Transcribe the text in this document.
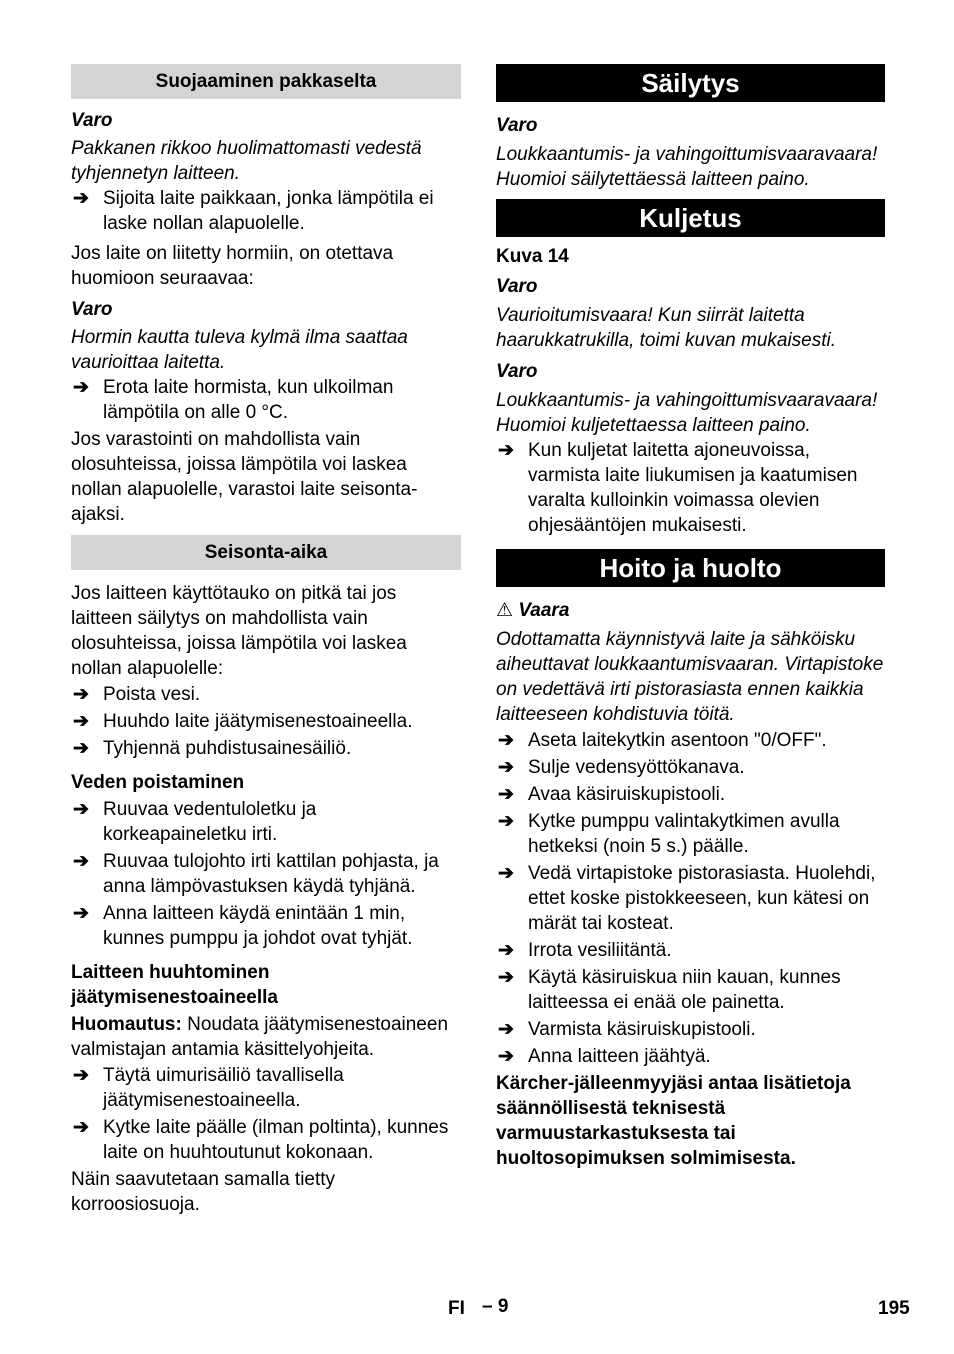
Suojaaminen pakkaselta

Varo

Pakkanen rikkoo huolimattomasti vedestä tyhjennetyn laitteen.

➔ Sijoita laite paikkaan, jonka lämpötila ei laske nollan alapuolelle.

Jos laite on liitetty hormiin, on otettava huomioon seuraavaa:

Varo

Hormin kautta tuleva kylmä ilma saattaa vaurioittaa laitetta.

➔ Erota laite hormista, kun ulkoilman lämpötila on alle 0 °C.

Jos varastointi on mahdollista vain olosuhteissa, joissa lämpötila voi laskea nollan alapuolelle, varastoi laite seisonta-ajaksi.

Seisonta-aika

Jos laitteen käyttötauko on pitkä tai jos laitteen säilytys on mahdollista vain olosuhteissa, joissa lämpötila voi laskea nollan alapuolelle:

➔ Poista vesi.
➔ Huuhdo laite jäätymisenestoaineella.
➔ Tyhjennä puhdistusainesäiliö.

Veden poistaminen

➔ Ruuvaa vedentuloletku ja korkeapaineletku irti.
➔ Ruuvaa tulojohto irti kattilan pohjasta, ja anna lämpövastuksen käydä tyhjänä.
➔ Anna laitteen käydä enintään 1 min, kunnes pumppu ja johdot ovat tyhjät.

Laitteen huuhtominen jäätymisenestoaineella

Huomautus: Noudata jäätymisenestoaineen valmistajan antamia käsittelyohjeita.

➔ Täytä uimurisäiliö tavallisella jäätymisenestoaineella.
➔ Kytke laite päälle (ilman poltinta), kunnes laite on huuhtoutunut kokonaan.

Näin saavutetaan samalla tietty korroosiosuoja.

Säilytys

Varo

Loukkaantumis- ja vahingoittumisvaaravaara! Huomioi säilytettäessä laitteen paino.

Kuljetus

Kuva 14

Varo

Vaurioitumisvaara! Kun siirrät laitetta haarukkatrukilla, toimi kuvan mukaisesti.

Varo

Loukkaantumis- ja vahingoittumisvaaravaara! Huomioi kuljetettaessa laitteen paino.

➔ Kun kuljetat laitetta ajoneuvoissa, varmista laite liukumisen ja kaatumisen varalta kulloinkin voimassa olevien ohjesääntöjen mukaisesti.
Hoito ja huolto

⚠ Vaara

Odottamatta käynnistyvä laite ja sähköisku aiheuttavat loukkaantumisvaaran. Virtapistoke on vedettävä irti pistorasiasta ennen kaikkia laitteeseen kohdistuvia töitä.

➔ Aseta laitekytkin asentoon "0/OFF".
➔ Sulje vedensyöttökanava.
➔ Avaa käsiruiskupistooli.
➔ Kytke pumppu valintakytkimen avulla hetkeksi (noin 5 s.) päälle.
➔ Vedä virtapistoke pistorasiasta. Huolehdi, ettet koske pistokkeeseen, kun kätesi on märät tai kosteat.
➔ Irrota vesiliitäntä.
➔ Käytä käsiruiskua niin kauan, kunnes laitteessa ei enää ole painetta.
➔ Varmista käsiruiskupistooli.
➔ Anna laitteen jäähtyä.

Kärcher-jälleenmyyjäsi antaa lisätietoja säännöllisestä teknisestä varmuustarkastuksesta tai huoltosopimuksen solmimisesta.

FI – 9	195
